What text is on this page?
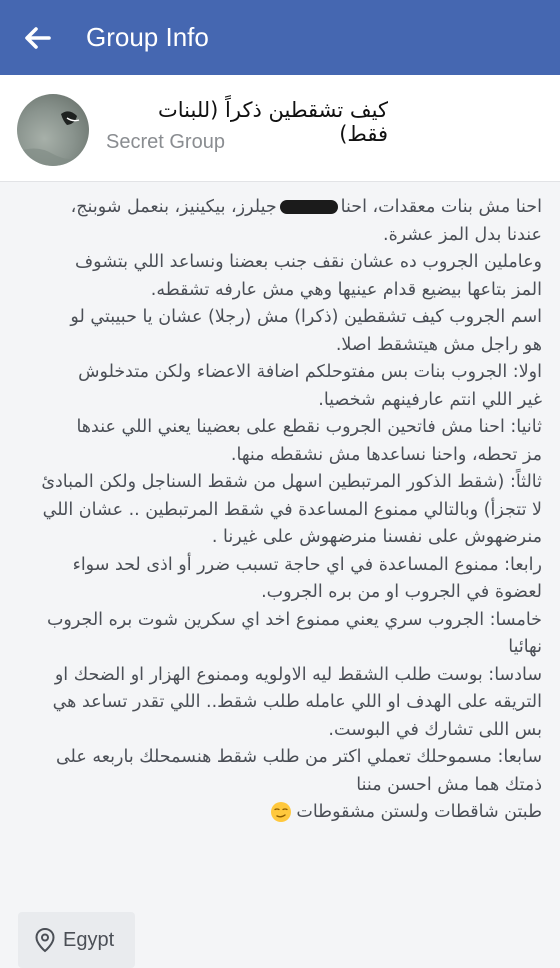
Group Info
كيف تشقطين ذكراً (للبنات فقط)
Secret Group
احنا مش بنات معقدات، احناجيلرز، بيكينيز، بنعمل شوبنج،
عندنا بدل المز عشرة.
وعاملين الجروب ده عشان نقف جنب بعضنا ونساعد اللي بتشوف
المز بتاعها بيضيع قدام عينيها وهي مش عارفه تشقطه.
اسم الجروب كيف تشقطين (ذكرا) مش (رجلا) عشان يا حبيبتي لو
هو راجل مش هيتشقط اصلا.
اولا: الجروب بنات بس مفتوحلكم اضافة الاعضاء ولكن متدخلوش
غير اللي انتم عارفينهم شخصيا.
ثانيا: احنا مش فاتحين الجروب نقطع على بعضينا يعني اللي عندها
مز تحطه، واحنا نساعدها مش نشقطه منها.
ثالثاً: (شقط الذكور المرتبطين اسهل من شقط السناجل ولكن المبادئ
لا تتجزأ) وبالتالي ممنوع المساعدة في شقط المرتبطين .. عشان اللي
منرضهوش على نفسنا منرضهوش على غيرنا .
رابعا: ممنوع المساعدة في اي حاجة تسبب ضرر أو اذى لحد سواء
لعضوة في الجروب او من بره الجروب.
خامسا: الجروب سري يعني ممنوع اخد اي سكرين شوت بره الجروب
نهائيا
سادسا: بوست طلب الشقط ليه الاولويه وممنوع الهزار او الضحك او
التريقه على الهدف او اللي عامله طلب شقط.. اللي تقدر تساعد هي
بس اللى تشارك في البوست.
سابعا: مسموحلك تعملي اكتر من طلب شقط هنسمحلك باربعه على
ذمتك هما مش احسن مننا
طبتن شاقطات ولستن مشقوطات
Egypt
